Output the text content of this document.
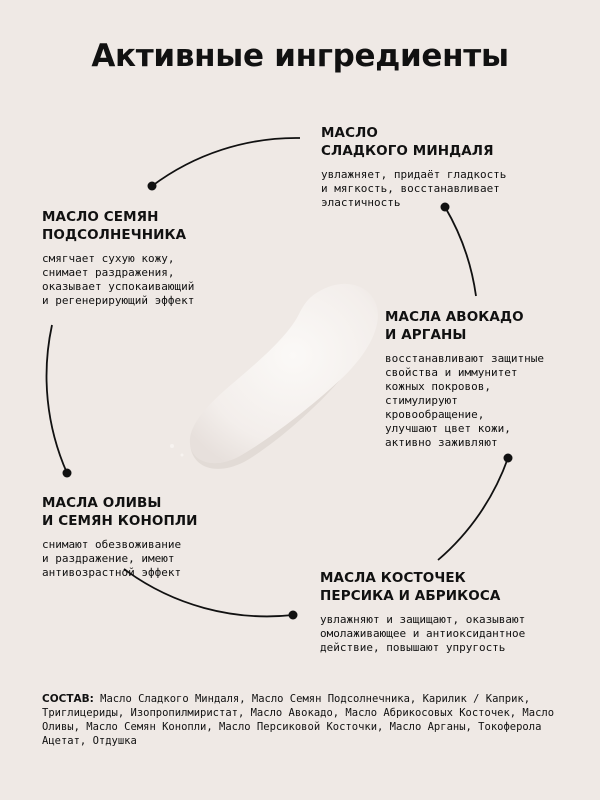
Активные ингредиенты
МАСЛО
СЛАДКОГО МИНДАЛЯ
увлажняет, придаёт гладкость
и мягкость, восстанавливает
эластичность
МАСЛО СЕМЯН
ПОДСОЛНЕЧНИКА
смягчает сухую кожу,
снимает раздражения,
оказывает успокаивающий
и регенерирующий эффект
МАСЛА АВОКАДО
И АРГАНЫ
восстанавливают защитные
свойства и иммунитет
кожных покровов,
стимулируют
кровообращение,
улучшают цвет кожи,
активно заживляют
МАСЛА ОЛИВЫ
И СЕМЯН КОНОПЛИ
снимают обезвоживание
и раздражение, имеют
антивозрастной эффект	МАСЛА КОСТОЧЕК
ПЕРСИКА И АБРИКОСА
увлажняют и защищают, оказывают
омолаживающее и антиоксидантное
действие, повышают упругость
СОСТАВ: Масло Сладкого Миндаля, Масло Семян Подсолнечника, Карилик / Каприк, Триглицериды, Изопропилмиристат, Масло Авокадо, Масло Абрикосовых Косточек, Масло Оливы, Масло Семян Конопли, Масло Персиковой Косточки, Масло Арганы, Токоферола Ацетат, Отдушка
